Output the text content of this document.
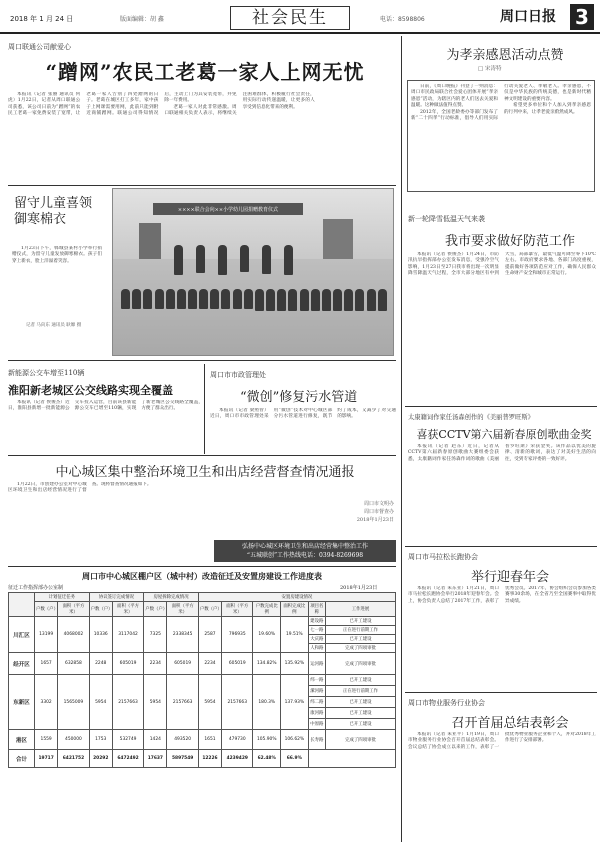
2018 年 1 月 24 日	版面编辑：胡 鑫	社会民生	电话：8598806	周口日报 3
周口联通公司献爱心
“蹭网”农民工老葛一家人上网无忧

本报讯（记者 张丽 通讯员 何虎）1月22日，记者从周口联通公司获悉，该公司日前为“蹭网”的农民工老葛一家免费安装了宽带，让老葛一家人告别了四处蹭网的日子。老葛在城区打工多年，家中孩子上网课需要用网，此前只能到附近商铺蹭网。联通公司得知情况后，主动上门为其安装宽带，并免除一年费用。

老葛一家人对此非常感激。周口联通相关负责人表示，将继续关注困难群体，积极履行社会责任，用实际行动传递温暖，让更多的人享受到信息化带来的便利。

留守儿童喜领御寒棉衣

1月23日下午，郸城县某村小学举行捐赠仪式，为留守儿童发放御寒棉衣。孩子们穿上新衣，脸上洋溢着笑容。

记者 马向东 通讯员 耿嫄 摄
××××联合会向××小学幼儿园捐赠教育仪式
新能源公交车增至110辆
淮阳新老城区公交线路实现全覆盖

本报讯（记者 侯俊杰）近日，淮阳县新增一批新能源公交车投入运营，目前该县新能源公交车已增至110辆，实现了新老城区公交线路全覆盖，方便了群众出行。

周口市市政管理处
“微创”修复污水管道

本报讯（记者 梁照曾）近日，周口市市政管理处采用“微创”技术对中心城区部分污水管道进行修复，既节约了成本，又减少了对交通的影响。

中心城区集中整治环境卫生和出店经营督查情况通报

1月22日，市创建办公室对中心城区环境卫生和出店经营情况进行了督查。现将督查情况通报如下。

周口市文明办
周口市督查办
2018年1月23日
弘扬中心城区环境卫生和出店经营集中整治工作
“五城联创”工作热线电话：0394-8269698
周口市中心城区棚户区（城中村）改造征迁及安置房建设工作进度表
征迁工作指挥部办公室制	2018年1月23日
	计划征迁任务		协议签订完成情况		房屋拆除完成情况		安置房建设情况					
	户数（户）	面积（平方米）	户数（户）	面积（平方米）	户数（户）	面积（平方米）	户数（户）	面积（平方米）	户数完成比例	面积完成比例	项目名称	工作进展
川汇区	13199	4068002	10336	3117042	7325	2338345	2587	796935	19.60%	19.51%	建设路	已开工建设
											七一路	正在进行前期工作
											大庆路	已开工建设
											人和路	完成了四项审批
经开区	1657	632858	2248	605019	2234	605019	2234	605019	134.82%	135.92%	运河路	完成了四项审批
东新区	3302	1565009	5954	2157663	5954	2157663	5954	2157663	180.3%	137.93%	纬一路	已开工建设
											漯河路	正在进行前期工作
											纬二路	已开工建设
											康河路	已开工建设
											中原路	已开工建设
港区	1559	450000	1753	532749	1424	493520	1651	479730	105.90%	106.62%	长寿路	完成了四项审批
合计	19717	6421752	20292	6472492	17637	5897549	12226	4239429	62.48%	66.9%		
为孝亲感恩活动点赞
□ 宋涛特

日前，《周口晚报》刊登了一则消息：周口市民政局联合社会爱心团体开展“孝亲感恩”活动，为辖区内的老人们送去关爱和温暖。这种做法值得点赞。

2012年，全国老龄委办等部门发布了新“二十四孝”行动标准，倡导人们用实际行动关爱老人、孝敬老人。孝亲感恩，不仅是中华民族的传统美德，也是新时代精神文明建设的重要内容。

希望更多单位和个人加入到孝亲感恩的行列中来，让孝老爱亲蔚然成风。

新一轮降雪低温天气来袭
我市要求做好防范工作

本报讯（记者 侯俊杰）1月24日，市防汛抗旱指挥部办公室发布消息，受强冷空气影响，1月23日至27日我市将出现一次明显降雪降温天气过程，全市大部分地区有中到大雪，局部暴雪，最低气温可降至零下10℃左右。市政府要求各地、各部门高度重视，提前做好各项防范应对工作，确保人民群众生命财产安全和城市正常运行。

太康籍词作家任汤森创作的《美丽普罗旺斯》
喜获CCTV第六届新春原创歌曲金奖

本报讯（记者 赵东）近日，记者从CCTV第六届新春原创歌曲大赛组委会获悉，太康籍词作家任汤森作词的歌曲《美丽普罗旺斯》荣获金奖。该作品以优美的旋律、清新的歌词，表达了对美好生活的向往，受到专家评委的一致好评。

周口市马拉松长跑协会
举行迎春年会

本报讯（记者 朱东亚）1月21日，周口市马拉松长跑协会举行2018年迎春年会。会上，协会负责人总结了2017年工作，表彰了优秀会员。2017年，协会组织会员参加各类赛事30余场，在全省乃至全国赛事中取得优异成绩。

周口市物业服务行业协会
召开首届总结表彰会

本报讯（记者 朱亚平）1月19日，周口市物业服务行业协会召开首届总结表彰会。会议总结了协会成立以来的工作，表彰了一批优秀物业服务企业和个人，并对2018年工作进行了安排部署。
